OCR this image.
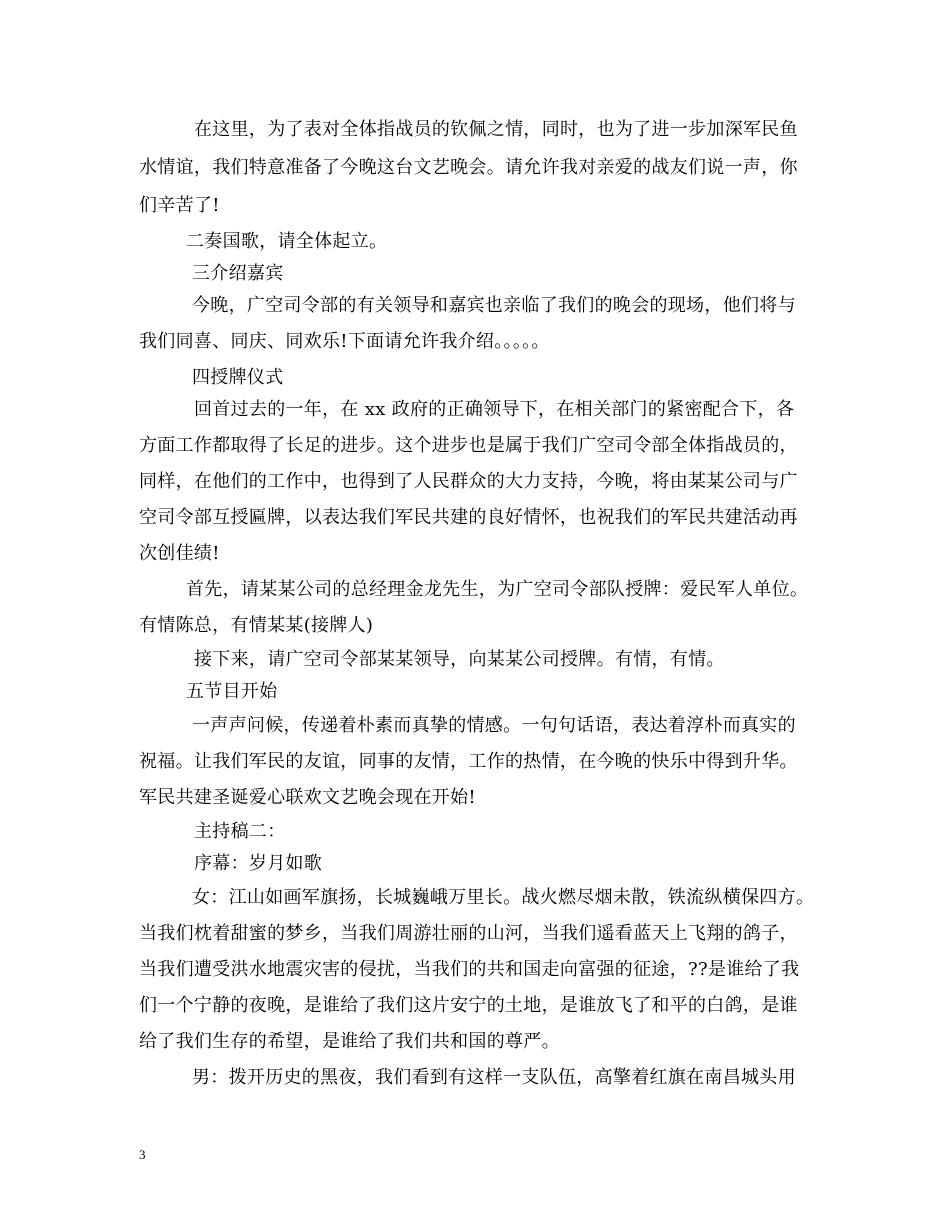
在这里，为了表对全体指战员的钦佩之情，同时，也为了进一步加深军民鱼
水情谊，我们特意准备了今晚这台文艺晚会。请允许我对亲爱的战友们说一声，你
们辛苦了!
二奏国歌，请全体起立。
三介绍嘉宾
今晚，广空司令部的有关领导和嘉宾也亲临了我们的晚会的现场，他们将与
我们同喜、同庆、同欢乐!下面请允许我介绍。。。。。
四授牌仪式
回首过去的一年，在 xx 政府的正确领导下，在相关部门的紧密配合下，各
方面工作都取得了长足的进步。这个进步也是属于我们广空司令部全体指战员的，
同样，在他们的工作中，也得到了人民群众的大力支持，今晚，将由某某公司与广
空司令部互授匾牌，以表达我们军民共建的良好情怀，也祝我们的军民共建活动再
次创佳绩!
首先，请某某公司的总经理金龙先生，为广空司令部队授牌：爱民军人单位。
有情陈总，有情某某(接牌人)
接下来，请广空司令部某某领导，向某某公司授牌。有情，有情。
五节目开始
一声声问候，传递着朴素而真挚的情感。一句句话语，表达着淳朴而真实的
祝福。让我们军民的友谊，同事的友情，工作的热情，在今晚的快乐中得到升华。
军民共建圣诞爱心联欢文艺晚会现在开始!
主持稿二：
序幕：岁月如歌
女：江山如画军旗扬，长城巍峨万里长。战火燃尽烟未散，铁流纵横保四方。
当我们枕着甜蜜的梦乡，当我们周游壮丽的山河，当我们遥看蓝天上飞翔的鸽子，
当我们遭受洪水地震灾害的侵扰，当我们的共和国走向富强的征途，??是谁给了我
们一个宁静的夜晚，是谁给了我们这片安宁的土地，是谁放飞了和平的白鸽，是谁
给了我们生存的希望，是谁给了我们共和国的尊严。
男：拨开历史的黑夜，我们看到有这样一支队伍，高擎着红旗在南昌城头用
3
